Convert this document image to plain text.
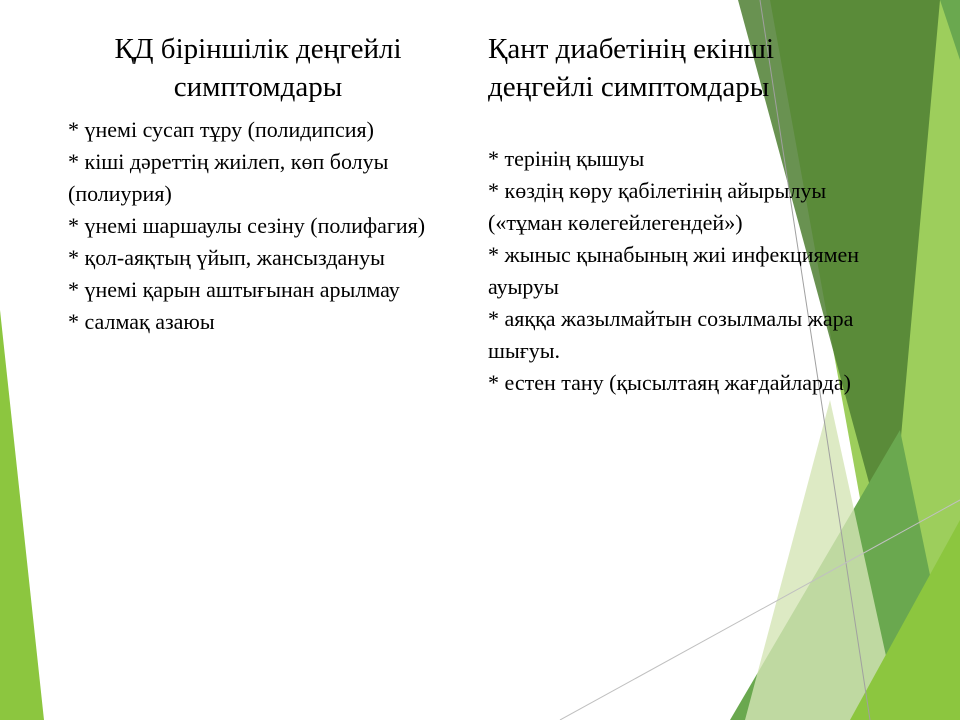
ҚД біріншілік деңгейлі
симптомдары
* үнемі сусап тұру (полидипсия)
* кіші дәреттің жиілеп, көп болуы (полиурия)
* үнемі шаршаулы сезіну (полифагия)
* қол-аяқтың үйып, жансыздануы
* үнемі қарын аштығынан арылмау
* салмақ азаюы
Қант диабетінің екінші
деңгейлі симптомдары
* терінің қышуы
* көздің көру қабілетінің айырылуы («тұман көлегейлегендей»)
* жыныс қынабының жиі инфекциямен ауыруы
* аяққа жазылмайтын созылмалы жара шығуы.
* естен тану (қысылтаяң жағдайларда)
